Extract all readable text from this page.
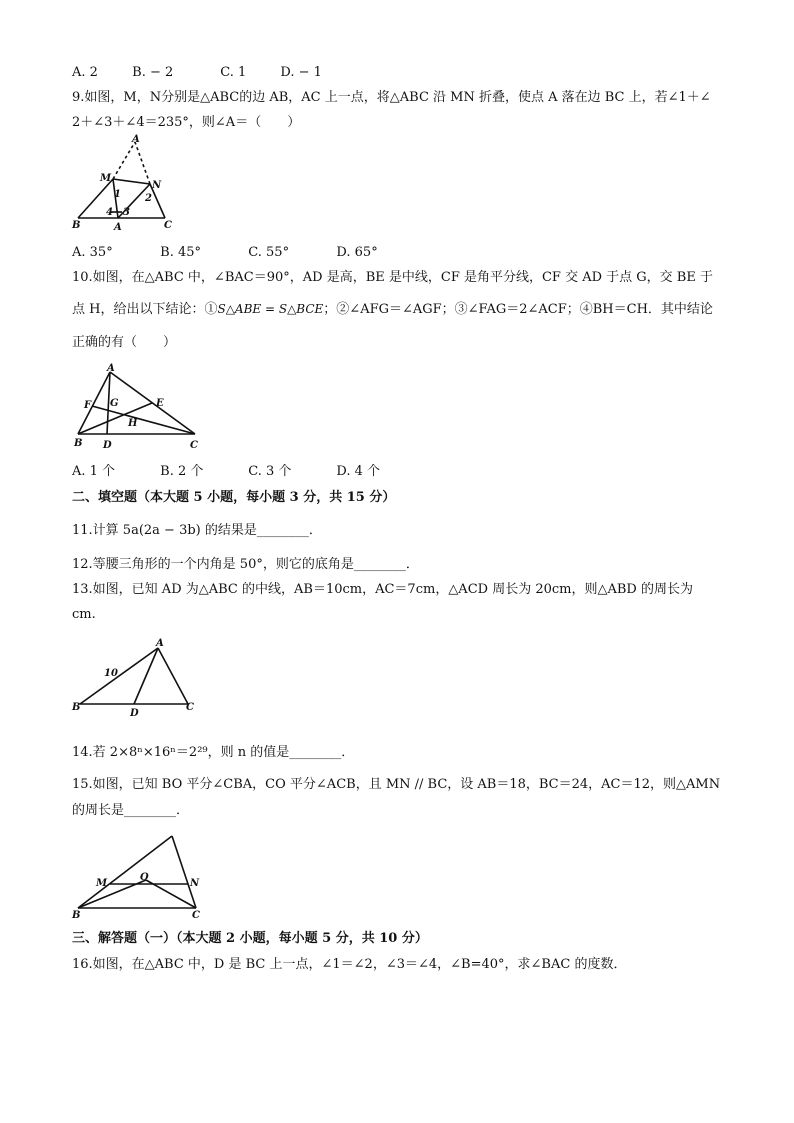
A. 2	B. − 2	C. 1	D. − 1
9.如图，M，N分别是△ABC的边 AB，AC 上一点，将△ABC 沿 MN 折叠，使点 A 落在边 BC 上，若∠1＋∠
2＋∠3＋∠4＝235°，则∠A＝（　　）
A
M
N
B	C
A
1 2
3
4
A. 35°	B. 45°	C. 55°	D. 65°
10.如图，在△ABC 中，∠BAC＝90°，AD 是高，BE 是中线，CF 是角平分线，CF 交 AD 于点 G，交 BE 于
点 H，给出以下结论：①S△ABE = S△BCE；②∠AFG＝∠AGF；③∠FAG＝2∠ACF；④BH＝CH．其中结论
正确的有（　　）
A
F G	E
H
B D	C
A. 1 个	B. 2 个	C. 3 个	D. 4 个
二、填空题（本大题 5 小题，每小题 3 分，共 15 分）
11.计算 5a(2a − 3b) 的结果是________．
12.等腰三角形的一个内角是 50°，则它的底角是________．
13.如图，已知 AD 为△ABC 的中线，AB＝10cm，AC＝7cm，△ACD 周长为 20cm，则△ABD 的周长为
cm.
A
B
D
C
10
14.若 2×8ⁿ×16ⁿ＝2²⁹，则 n 的值是________．
15.如图，已知 BO 平分∠CBA，CO 平分∠ACB，且 MN // BC，设 AB＝18，BC＝24，AC＝12，则△AMN
的周长是________．
M
O
N
B	C
三、解答题（一）（本大题 2 小题，每小题 5 分，共 10 分）
16.如图，在△ABC 中，D 是 BC 上一点，∠1＝∠2，∠3＝∠4，∠B=40°，求∠BAC 的度数．
